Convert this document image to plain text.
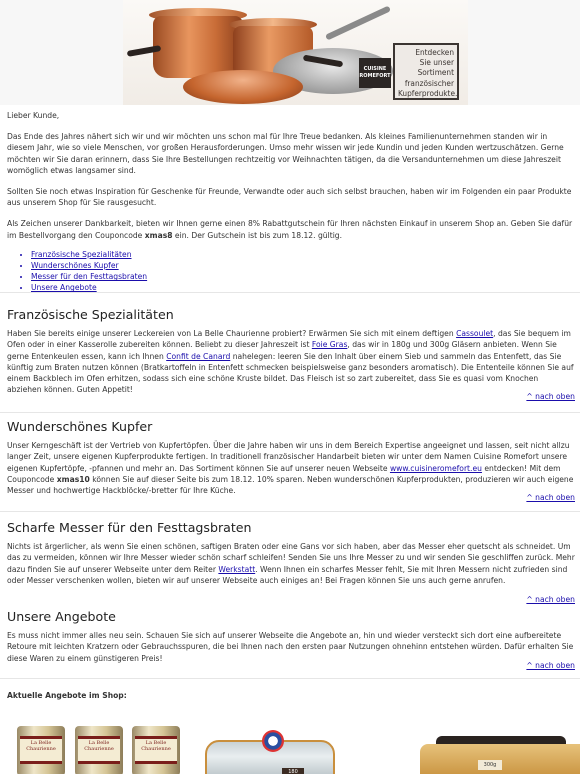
CUISINE ROMEFORT
Entdecken
Sie unser
Sortiment
französischer
Kupferprodukte.

Lieber Kunde,

Das Ende des Jahres nähert sich wir und wir möchten uns schon mal für Ihre Treue bedanken. Als kleines Familienunternehmen standen wir in diesem Jahr, wie so viele Menschen, vor großen Herausforderungen. Umso mehr wissen wir jede Kundin und jeden Kunden wertzuschätzen. Gerne möchten wir Sie daran erinnern, dass Sie Ihre Bestellungen rechtzeitig vor Weihnachten tätigen, da die Versandunternehmen um diese Jahreszeit womöglich etwas langsamer sind.

Sollten Sie noch etwas Inspiration für Geschenke für Freunde, Verwandte oder auch sich selbst brauchen, haben wir im Folgenden ein paar Produkte aus unserem Shop für Sie rausgesucht.

Als Zeichen unserer Dankbarkeit, bieten wir Ihnen gerne einen 8% Rabattgutschein für Ihren nächsten Einkauf in unserem Shop an. Geben Sie dafür im Bestellvorgang den Couponcode xmas8 ein. Der Gutschein ist bis zum 18.12. gültig.

• Französische Spezialitäten
• Wunderschönes Kupfer
• Messer für den Festtagsbraten
• Unsere Angebote
Französische Spezialitäten

Haben Sie bereits einige unserer Leckereien von La Belle Chaurienne probiert? Erwärmen Sie sich mit einem deftigen Cassoulet, das Sie bequem im Ofen oder in einer Kasserolle zubereiten können. Beliebt zu dieser Jahreszeit ist Foie Gras, das wir in 180g und 300g Gläsern anbieten. Wenn Sie gerne Entenkeulen essen, kann ich Ihnen Confit de Canard nahelegen: leeren Sie den Inhalt über einem Sieb und sammeln das Entenfett, das Sie künftig zum Braten nutzen können (Bratkartoffeln in Entenfett schmecken beispielsweise ganz besonders aromatisch). Die Ententeile können Sie auf einem Backblech im Ofen erhitzen, sodass sich eine schöne Kruste bildet. Das Fleisch ist so zart zubereitet, dass Sie es quasi vom Knochen abziehen können. Guten Appetit!

^ nach oben
Wunderschönes Kupfer

Unser Kerngeschäft ist der Vertrieb von Kupfertöpfen. Über die Jahre haben wir uns in dem Bereich Expertise angeeignet und lassen, seit nicht allzu langer Zeit, unsere eigenen Kupferprodukte fertigen. In traditionell französischer Handarbeit bieten wir unter dem Namen Cuisine Romefort unsere eigenen Kupfertöpfe, -pfannen und mehr an. Das Sortiment können Sie auf unserer neuen Webseite www.cuisineromefort.eu entdecken! Mit dem Couponcode xmas10 können Sie auf dieser Seite bis zum 18.12. 10% sparen. Neben wunderschönen Kupferprodukten, produzieren wir auch eigene Messer und hochwertige Hackblöcke/-bretter für Ihre Küche.

^ nach oben
Scharfe Messer für den Festtagsbraten

Nichts ist ärgerlicher, als wenn Sie einen schönen, saftigen Braten oder eine Gans vor sich haben, aber das Messer eher quetscht als schneidet. Um das zu vermeiden, können wir Ihre Messer wieder schön scharf schleifen! Senden Sie uns Ihre Messer zu und wir senden Sie geschliffen zurück. Mehr dazu finden Sie auf unserer Webseite unter dem Reiter Werkstatt. Wenn Ihnen ein scharfes Messer fehlt, Sie mit Ihren Messern nicht zufrieden sind oder Messer verschenken wollen, bieten wir auf unserer Webseite auch einiges an! Bei Fragen können Sie uns auch gerne anrufen.

^ nach oben
Unsere Angebote

Es muss nicht immer alles neu sein. Schauen Sie sich auf unserer Webseite die Angebote an, hin und wieder versteckt sich dort eine aufbereitete Retoure mit leichten Kratzern oder Gebrauchsspuren, die bei Ihnen nach den ersten paar Nutzungen ohnehinn entstehen würden. Dafür erhalten Sie diese Waren zu einem günstigeren Preis!

^ nach oben
Aktuelle Angebote im Shop:
La Belle Chaurienne
La Belle Chaurienne
La Belle Chaurienne
180
300g
